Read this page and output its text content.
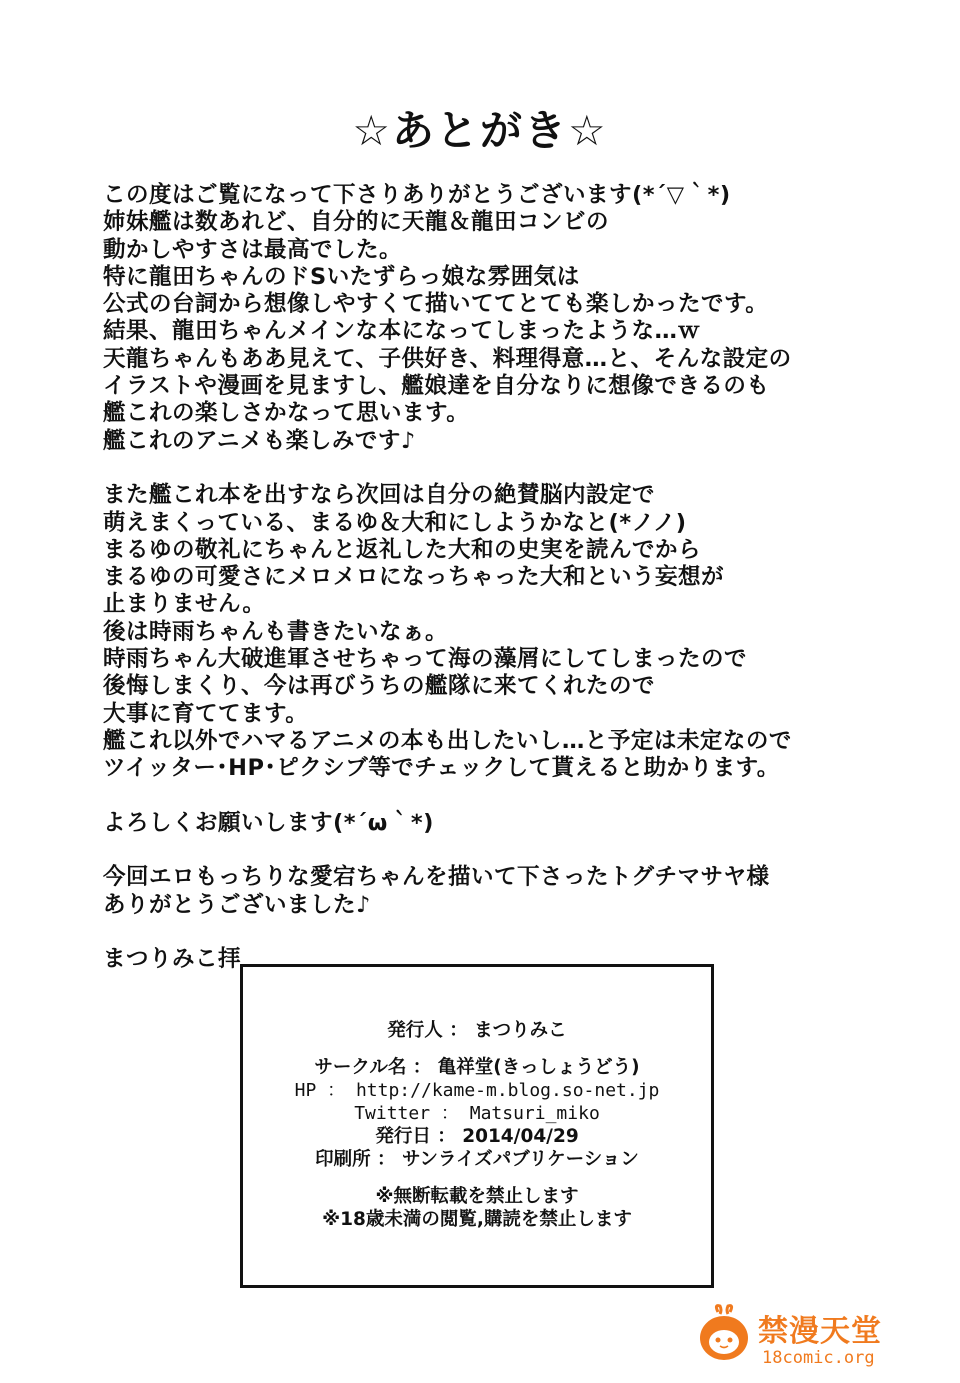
☆あとがき☆
この度はご覧になって下さりありがとうございます(*´▽｀*)
姉妹艦は数あれど、自分的に天龍＆龍田コンビの
動かしやすさは最高でした。
特に龍田ちゃんのドSいたずらっ娘な雰囲気は
公式の台詞から想像しやすくて描いててとても楽しかったです。
結果、龍田ちゃんメインな本になってしまったような…ｗ
天龍ちゃんもああ見えて、子供好き、料理得意…と、そんな設定の
イラストや漫画を見ますし、艦娘達を自分なりに想像できるのも
艦これの楽しさかなって思います。
艦これのアニメも楽しみです♪
また艦これ本を出すなら次回は自分の絶賛脳内設定で
萌えまくっている、まるゆ＆大和にしようかなと(*ノノ)
まるゆの敬礼にちゃんと返礼した大和の史実を読んでから
まるゆの可愛さにメロメロになっちゃった大和という妄想が
止まりません。
後は時雨ちゃんも書きたいなぁ。
時雨ちゃん大破進軍させちゃって海の藻屑にしてしまったので
後悔しまくり、今は再びうちの艦隊に来てくれたので
大事に育ててます。
艦これ以外でハマるアニメの本も出したいし…と予定は未定なので
ツイッター･HP･ピクシブ等でチェックして貰えると助かります。
よろしくお願いします(*´ω｀*)
今回エロもっちりな愛宕ちゃんを描いて下さったトグチマサヤ様
ありがとうございました♪
まつりみこ拝
発行人 ： まつりみこ
サークル名 ： 亀祥堂(きっしょうどう)
HP ： http://kame-m.blog.so-net.jp
Twitter ： Matsuri_miko
発行日 ： 2014/04/29
印刷所 ： サンライズパブリケーション
※無断転載を禁止します
※18歳未満の閲覧,購読を禁止します
禁漫天堂
18comic.org
